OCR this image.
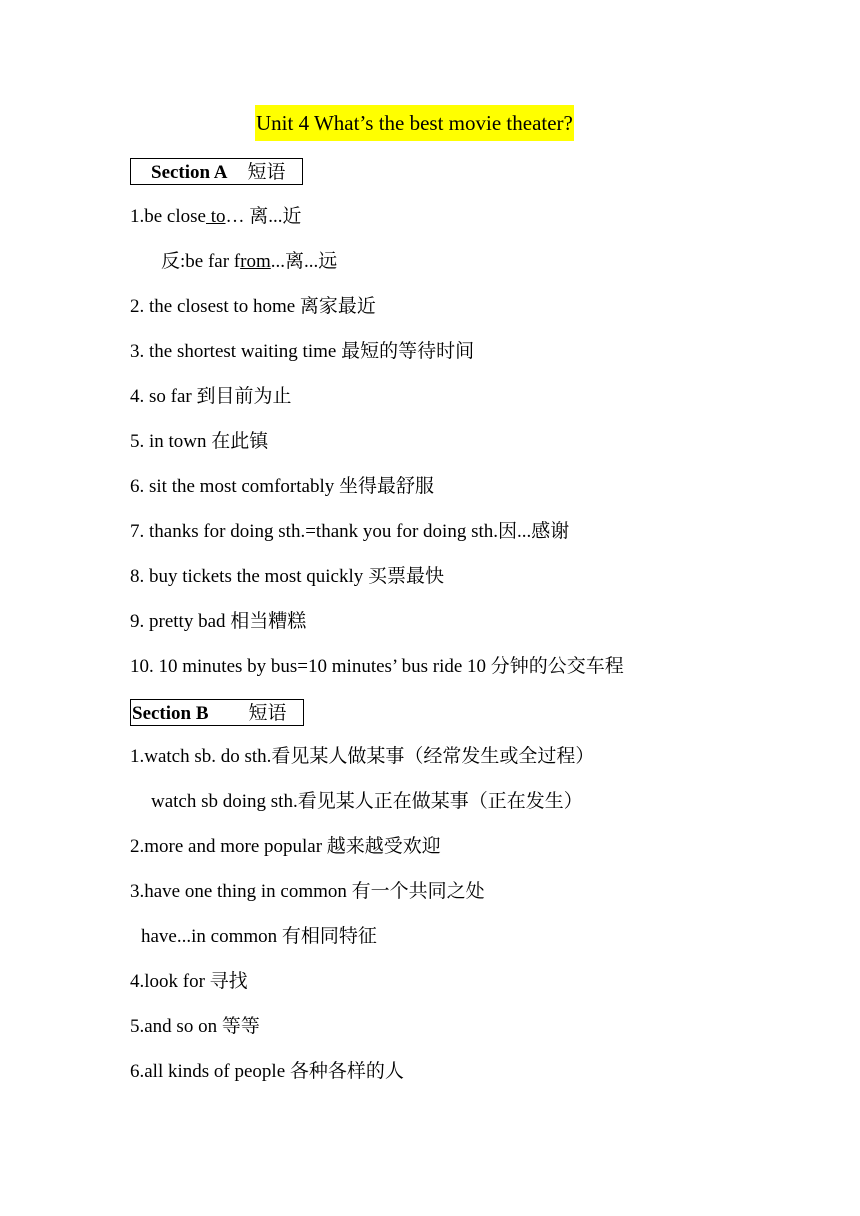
Unit 4 What’s the best movie theater?
Section A 短语
1.be close to… 离...近
反:be far from...离...远
2. the closest to home 离家最近
3. the shortest waiting time 最短的等待时间
4. so far 到目前为止
5. in town 在此镇
6. sit the most comfortably 坐得最舒服
7. thanks for doing sth.=thank you for doing sth.因...感谢
8. buy tickets the most quickly 买票最快
9. pretty bad 相当糟糕
10. 10 minutes by bus=10 minutes’ bus ride 10 分钟的公交车程
Section B 短语
1.watch sb. do sth.看见某人做某事（经常发生或全过程）
watch sb doing sth.看见某人正在做某事（正在发生）
2.more and more popular 越来越受欢迎
3.have one thing in common 有一个共同之处
have...in common 有相同特征
4.look for 寻找
5.and so on 等等
6.all kinds of people 各种各样的人
